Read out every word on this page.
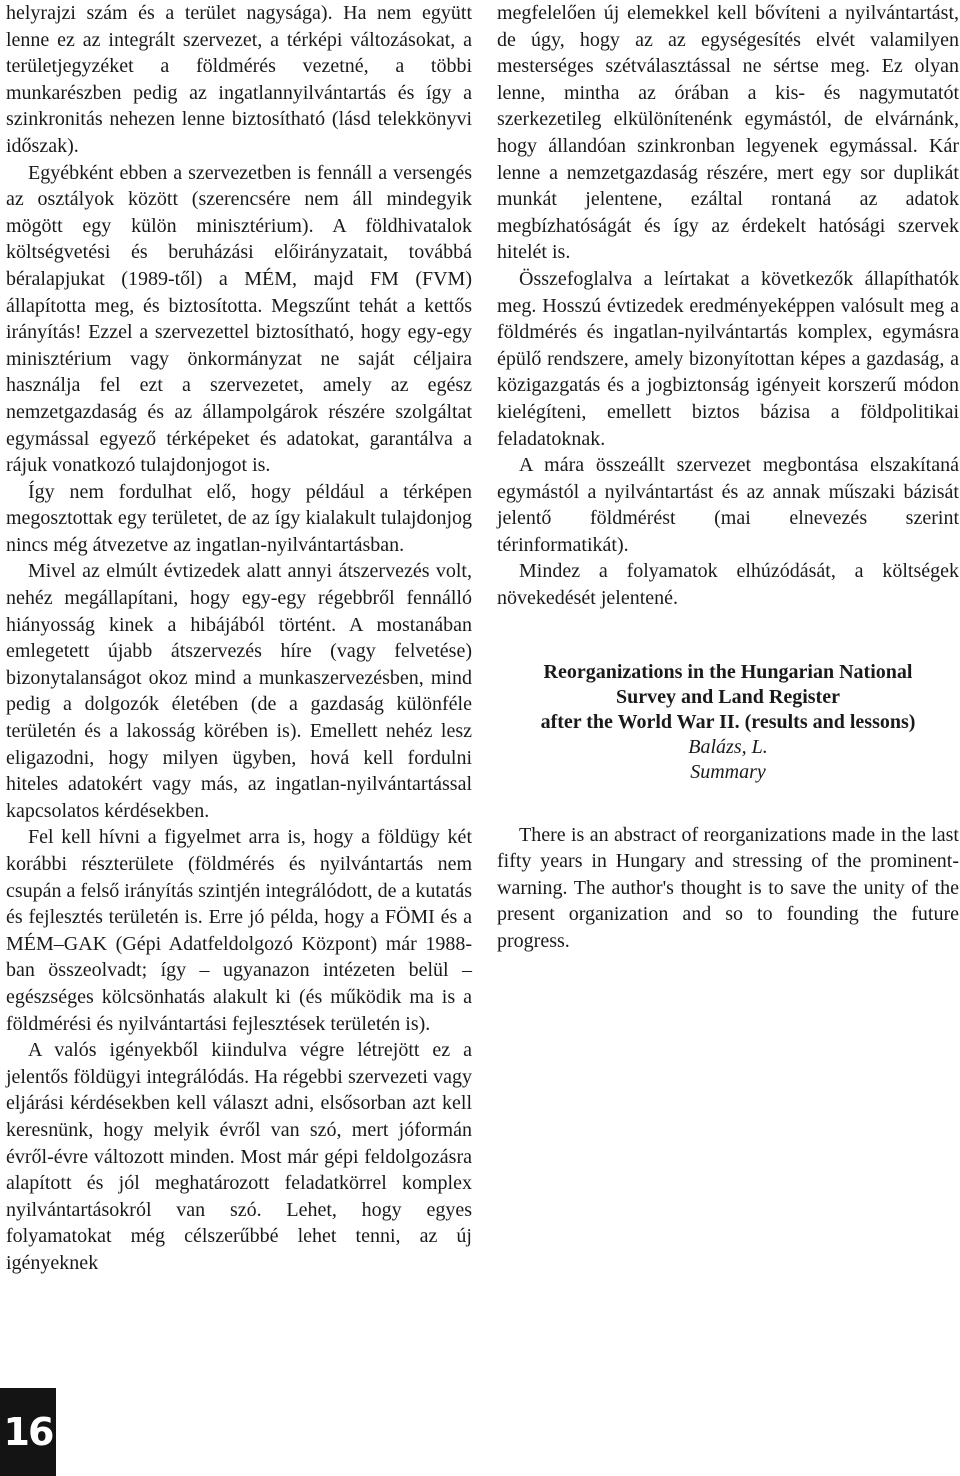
helyrajzi szám és a terület nagysága). Ha nem együtt lenne ez az integrált szervezet, a térképi változásokat, a területjegyzéket a földmérés vezetné, a többi munkarészben pedig az ingatlannyilvántartás és így a szinkronitás nehezen lenne biztosítható (lásd telekkönyvi időszak).

Egyébként ebben a szervezetben is fennáll a versengés az osztályok között (szerencsére nem áll mindegyik mögött egy külön minisztérium). A földhivatalok költségvetési és beruházási előirányzatait, továbbá béralapjukat (1989-től) a MÉM, majd FM (FVM) állapította meg, és biztosította. Megszűnt tehát a kettős irányítás! Ezzel a szervezettel biztosítható, hogy egy-egy minisztérium vagy önkormányzat ne saját céljaira használja fel ezt a szervezetet, amely az egész nemzetgazdaság és az állampolgárok részére szolgáltat egymással egyező térképeket és adatokat, garantálva a rájuk vonatkozó tulajdonjogot is.

Így nem fordulhat elő, hogy például a térképen megosztottak egy területet, de az így kialakult tulajdonjog nincs még átvezetve az ingatlan-nyilvántartásban.

Mivel az elmúlt évtizedek alatt annyi átszervezés volt, nehéz megállapítani, hogy egy-egy régebbről fennálló hiányosság kinek a hibájából történt. A mostanában emlegetett újabb átszervezés híre (vagy felvetése) bizonytalanságot okoz mind a munkaszervezésben, mind pedig a dolgozók életében (de a gazdaság különféle területén és a lakosság körében is). Emellett nehéz lesz eligazodni, hogy milyen ügyben, hová kell fordulni hiteles adatokért vagy más, az ingatlan-nyilvántartással kapcsolatos kérdésekben.

Fel kell hívni a figyelmet arra is, hogy a földügy két korábbi részterülete (földmérés és nyilvántartás nem csupán a felső irányítás szintjén integrálódott, de a kutatás és fejlesztés területén is. Erre jó példa, hogy a FÖMI és a MÉM–GAK (Gépi Adatfeldolgozó Központ) már 1988-ban összeolvadt; így – ugyanazon intézeten belül – egészséges kölcsönhatás alakult ki (és működik ma is a földmérési és nyilvántartási fejlesztések területén is).

A valós igényekből kiindulva végre létrejött ez a jelentős földügyi integrálódás. Ha régebbi szervezeti vagy eljárási kérdésekben kell választ adni, elsősorban azt kell keresnünk, hogy melyik évről van szó, mert jóformán évről-évre változott minden. Most már gépi feldolgozásra alapított és jól meghatározott feladatkörrel komplex nyilvántartásokról van szó. Lehet, hogy egyes folyamatokat még célszerűbbé lehet tenni, az új igényeknek

megfelelően új elemekkel kell bővíteni a nyilvántartást, de úgy, hogy az az egységesítés elvét valamilyen mesterséges szétválasztással ne sértse meg. Ez olyan lenne, mintha az órában a kis- és nagymutatót szerkezetileg elkülönítenénk egymástól, de elvárnánk, hogy állandóan szinkronban legyenek egymással. Kár lenne a nemzetgazdaság részére, mert egy sor duplikát munkát jelentene, ezáltal rontaná az adatok megbízhatóságát és így az érdekelt hatósági szervek hitelét is.

Összefoglalva a leírtakat a következők állapíthatók meg. Hosszú évtizedek eredményeképpen valósult meg a földmérés és ingatlan-nyilvántartás komplex, egymásra épülő rendszere, amely bizonyítottan képes a gazdaság, a közigazgatás és a jogbiztonság igényeit korszerű módon kielégíteni, emellett biztos bázisa a földpolitikai feladatoknak.

A mára összeállt szervezet megbontása elszakítaná egymástól a nyilvántartást és az annak műszaki bázisát jelentő földmérést (mai elnevezés szerint térinformatikát).

Mindez a folyamatok elhúzódását, a költségek növekedését jelentené.

Reorganizations in the Hungarian National

Survey and Land Register

after the World War II. (results and lessons)

Balázs, L.

Summary

There is an abstract of reorganizations made in the last fifty years in Hungary and stressing of the prominent-warning. The author's thought is to save the unity of the present organization and so to founding the future progress.

16
